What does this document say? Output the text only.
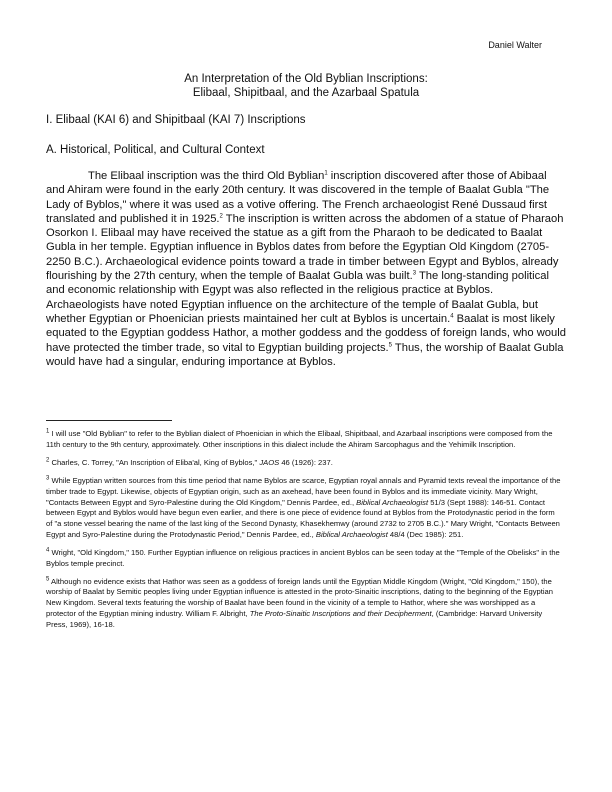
Daniel Walter
An Interpretation of the Old Byblian Inscriptions:
Elibaal, Shipitbaal, and the Azarbaal Spatula
I. Elibaal (KAI 6) and Shipitbaal (KAI 7) Inscriptions
A. Historical, Political, and Cultural Context

The Elibaal inscription was the third Old Byblian$^1$ inscription discovered after those of Abibaal and Ahiram were found in the early 20th century. It was discovered in the temple of Baalat Gubla "The Lady of Byblos," where it was used as a votive offering. The French archaeologist René Dussaud first translated and published it in 1925.$^2$ The inscription is written across the abdomen of a statue of Pharaoh Osorkon I. Elibaal may have received the statue as a gift from the Pharaoh to be dedicated to Baalat Gubla in her temple. Egyptian influence in Byblos dates from before the Egyptian Old Kingdom (2705-2250 B.C.). Archaeological evidence points toward a trade in timber between Egypt and Byblos, already flourishing by the 27th century, when the temple of Baalat Gubla was built.$^3$ The long-standing political and economic relationship with Egypt was also reflected in the religious practice at Byblos. Archaeologists have noted Egyptian influence on the architecture of the temple of Baalat Gubla, but whether Egyptian or Phoenician priests maintained her cult at Byblos is uncertain.$^4$ Baalat is most likely equated to the Egyptian goddess Hathor, a mother goddess and the goddess of foreign lands, who would have protected the timber trade, so vital to Egyptian building projects.$^5$ Thus, the worship of Baalat Gubla would have had a singular, enduring importance at Byblos.

$^1$ I will use "Old Byblian" to refer to the Byblian dialect of Phoenician in which the Elibaal, Shipitbaal, and Azarbaal inscriptions were composed from the 11th century to the 9th century, approximately. Other inscriptions in this dialect include the Ahiram Sarcophagus and the Yehimilk Inscription.

$^2$ Charles, C. Torrey, "An Inscription of Eliba'al, King of Byblos," JAOS 46 (1926): 237.

$^3$ While Egyptian written sources from this time period that name Byblos are scarce, Egyptian royal annals and Pyramid texts reveal the importance of the timber trade to Egypt. Likewise, objects of Egyptian origin, such as an axehead, have been found in Byblos and its immediate vicinity. Mary Wright, "Contacts Between Egypt and Syro-Palestine during the Old Kingdom," Dennis Pardee, ed., Biblical Archaeologist 51/3 (Sept 1988): 146-51. Contact between Egypt and Byblos would have begun even earlier, and there is one piece of evidence found at Byblos from the Protodynastic period in the form of "a stone vessel bearing the name of the last king of the Second Dynasty, Khasekhemwy (around 2732 to 2705 B.C.)." Mary Wright, "Contacts Between Egypt and Syro-Palestine during the Protodynastic Period," Dennis Pardee, ed., Biblical Archaeologist 48/4 (Dec 1985): 251.

$^4$ Wright, "Old Kingdom," 150. Further Egyptian influence on religious practices in ancient Byblos can be seen today at the "Temple of the Obelisks" in the Byblos temple precinct.

$^5$ Although no evidence exists that Hathor was seen as a goddess of foreign lands until the Egyptian Middle Kingdom (Wright, "Old Kingdom," 150), the worship of Baalat by Semitic peoples living under Egyptian influence is attested in the proto-Sinaitic inscriptions, dating to the beginning of the Egyptian New Kingdom. Several texts featuring the worship of Baalat have been found in the vicinity of a temple to Hathor, where she was worshipped as a protector of the Egyptian mining industry. William F. Albright, The Proto-Sinaitic Inscriptions and their Decipherment, (Cambridge: Harvard University Press, 1969), 16-18.
